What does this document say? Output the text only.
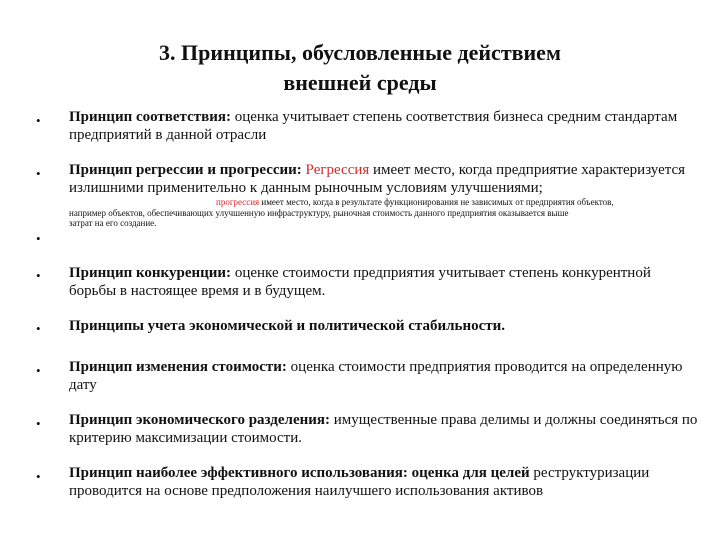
3. Принципы, обусловленные действием
внешней среды
• Принцип соответствия: оценка учитывает степень соответствия бизнеса средним стандартам предприятий в данной отрасли
• Принцип регрессии и прогрессии: Регрессия имеет место, когда предприятие характеризуется излишними применительно к данным рыночным условиям улучшениями;
прогрессия имеет место, когда в результате функционирования не зависимых от предприятия объектов,
например объектов, обеспечивающих улучшенную инфраструктуру, рыночная стоимость данного предприятия оказывается выше
затрат на его создание.
•
• Принцип конкуренции: оценке стоимости предприятия учитывает степень конкурентной борьбы в настоящее время и в будущем.
• Принципы учета экономической и политической стабильности.
• Принцип изменения стоимости: оценка стоимости предприятия проводится на определенную дату
• Принцип экономического разделения: имущественные права делимы и должны соединяться по критерию максимизации стоимости.
• Принцип наиболее эффективного использования: оценка для целей реструктуризации проводится на основе предположения наилучшего использования активов
